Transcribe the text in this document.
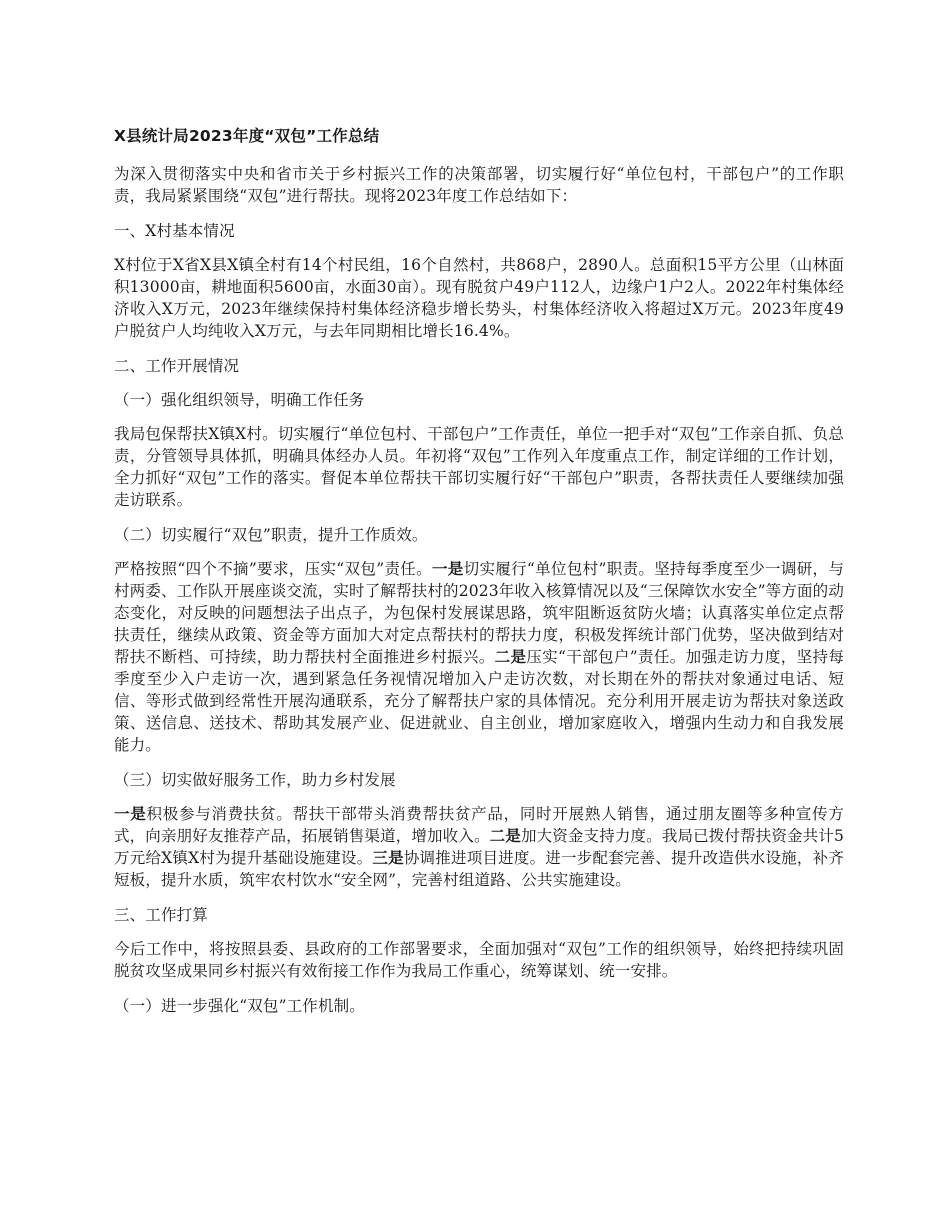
X县统计局2023年度“双包”工作总结

为深入贯彻落实中央和省市关于乡村振兴工作的决策部署，切实履行好“单位包村，干部包户”的工作职责，我局紧紧围绕“双包”进行帮扶。现将2023年度工作总结如下：

一、X村基本情况

X村位于X省X县X镇全村有14个村民组，16个自然村，共868户，2890人。总面积15平方公里（山林面积13000亩，耕地面积5600亩，水面30亩）。现有脱贫户49户112人，边缘户1户2人。2022年村集体经济收入X万元，2023年继续保持村集体经济稳步增长势头，村集体经济收入将超过X万元。2023年度49户脱贫户人均纯收入X万元，与去年同期相比增长16.4%。

二、工作开展情况

（一）强化组织领导，明确工作任务

我局包保帮扶X镇X村。切实履行“单位包村、干部包户”工作责任，单位一把手对“双包”工作亲自抓、负总责，分管领导具体抓，明确具体经办人员。年初将“双包”工作列入年度重点工作，制定详细的工作计划，全力抓好“双包”工作的落实。督促本单位帮扶干部切实履行好“干部包户”职责，各帮扶责任人要继续加强走访联系。

（二）切实履行“双包”职责，提升工作质效。

严格按照“四个不摘”要求，压实“双包”责任。一是切实履行“单位包村”职责。坚持每季度至少一调研，与村两委、工作队开展座谈交流，实时了解帮扶村的2023年收入核算情况以及“三保障饮水安全”等方面的动态变化，对反映的问题想法子出点子，为包保村发展谋思路，筑牢阻断返贫防火墙；认真落实单位定点帮扶责任，继续从政策、资金等方面加大对定点帮扶村的帮扶力度，积极发挥统计部门优势，坚决做到结对帮扶不断档、可持续，助力帮扶村全面推进乡村振兴。二是压实“干部包户”责任。加强走访力度，坚持每季度至少入户走访一次，遇到紧急任务视情况增加入户走访次数，对长期在外的帮扶对象通过电话、短信、等形式做到经常性开展沟通联系，充分了解帮扶户家的具体情况。充分利用开展走访为帮扶对象送政策、送信息、送技术、帮助其发展产业、促进就业、自主创业，增加家庭收入，增强内生动力和自我发展能力。

（三）切实做好服务工作，助力乡村发展

一是积极参与消费扶贫。帮扶干部带头消费帮扶贫产品，同时开展熟人销售，通过朋友圈等多种宣传方式，向亲朋好友推荐产品，拓展销售渠道，增加收入。二是加大资金支持力度。我局已拨付帮扶资金共计5万元给X镇X村为提升基础设施建设。三是协调推进项目进度。进一步配套完善、提升改造供水设施，补齐短板，提升水质，筑牢农村饮水“安全网”，完善村组道路、公共实施建设。

三、工作打算

今后工作中，将按照县委、县政府的工作部署要求，全面加强对“双包”工作的组织领导，始终把持续巩固脱贫攻坚成果同乡村振兴有效衔接工作作为我局工作重心，统筹谋划、统一安排。

（一）进一步强化“双包”工作机制。
